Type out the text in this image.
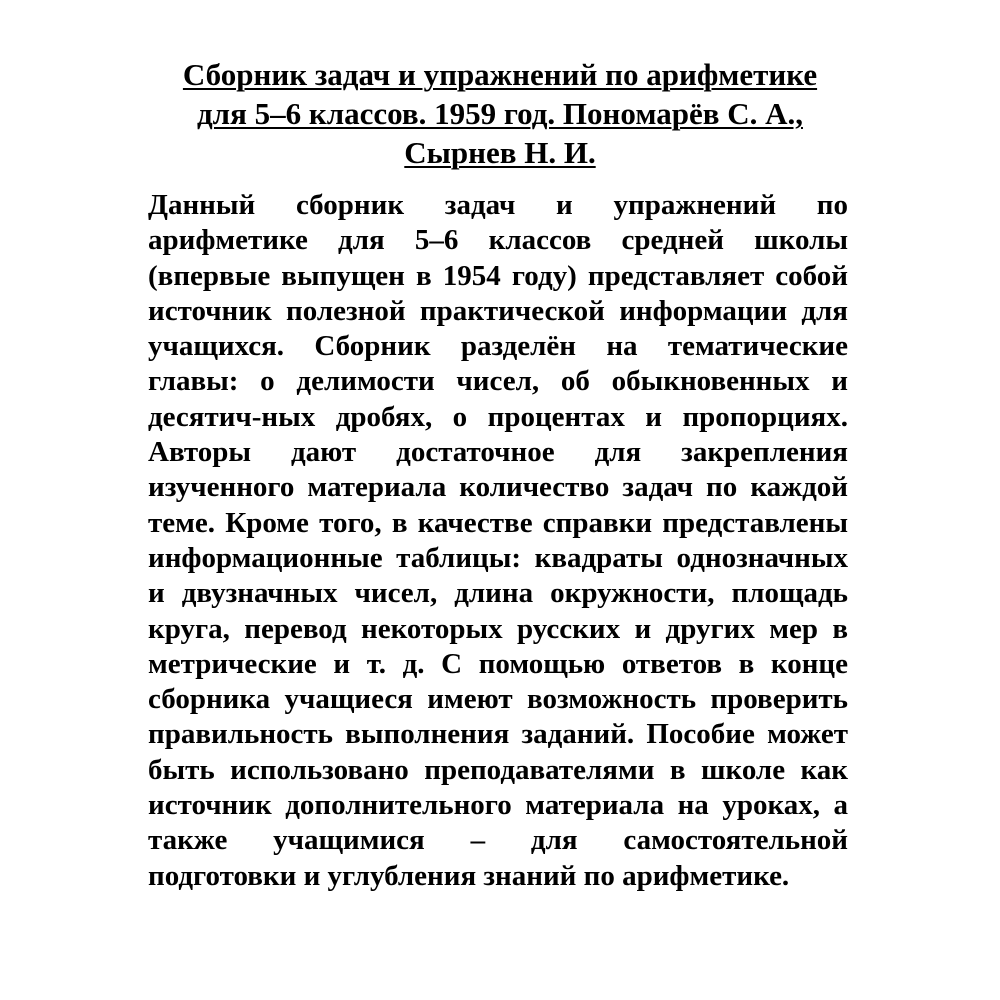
Сборник задач и упражнений по арифметике
для 5–6 классов. 1959 год. Пономарёв С. А.,
Сырнев Н. И.
Данный сборник задач и упражнений по
арифметике для 5–6 классов средней школы
(впервые выпущен в 1954 году) представляет собой
источник полезной практической информации для
учащихся. Сборник разделён на тематические
главы: о делимости чисел, об обыкновенных и
десятич-ных дробях, о процентах и пропорциях.
Авторы дают достаточное для закрепления
изученного материала количество задач по каждой
теме. Кроме того, в качестве справки представлены
информационные таблицы: квадраты однозначных
и двузначных чисел, длина окружности, площадь
круга, перевод некоторых русских и других мер в
метрические и т. д. С помощью ответов в конце
сборника учащиеся имеют возможность проверить
правильность выполнения заданий. Пособие может
быть использовано преподавателями в школе как
источник дополнительного материала на уроках, а
также учащимися – для самостоятельной
подготовки и углубления знаний по арифметике.
